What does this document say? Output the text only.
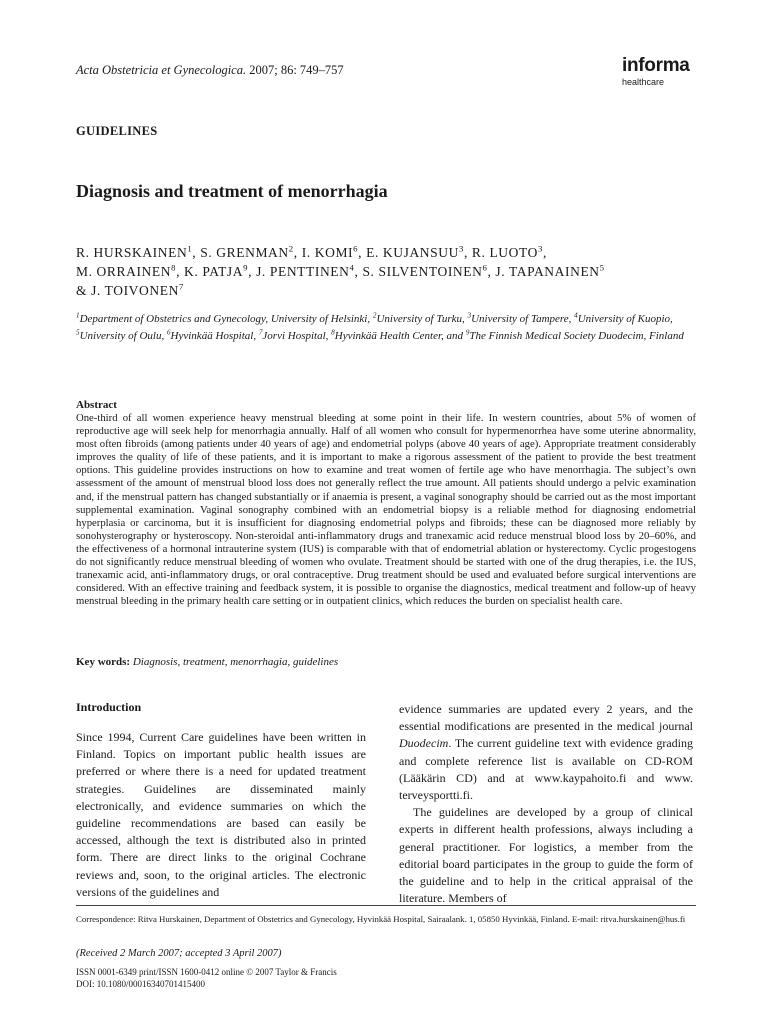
Acta Obstetricia et Gynecologica. 2007; 86: 749–757	informa
healthcare
GUIDELINES
Diagnosis and treatment of menorrhagia
R. HURSKAINEN$^1$, S. GRENMAN$^2$, I. KOMI$^6$, E. KUJANSUU$^3$, R. LUOTO$^3$,
M. ORRAINEN$^8$, K. PATJA$^9$, J. PENTTINEN$^4$, S. SILVENTOINEN$^6$, J. TAPANAINEN$^5$
& J. TOIVONEN$^7$
$^1$Department of Obstetrics and Gynecology, University of Helsinki, $^2$University of Turku, $^3$University of Tampere, $^4$University of Kuopio, $^5$University of Oulu, $^6$Hyvinkää Hospital, $^7$Jorvi Hospital, $^8$Hyvinkää Health Center, and $^9$The Finnish Medical Society Duodecim, Finland
Abstract
One-third of all women experience heavy menstrual bleeding at some point in their life. In western countries, about 5% of women of reproductive age will seek help for menorrhagia annually. Half of all women who consult for hypermenorrhea have some uterine abnormality, most often fibroids (among patients under 40 years of age) and endometrial polyps (above 40 years of age). Appropriate treatment considerably improves the quality of life of these patients, and it is important to make a rigorous assessment of the patient to provide the best treatment options. This guideline provides instructions on how to examine and treat women of fertile age who have menorrhagia. The subject’s own assessment of the amount of menstrual blood loss does not generally reflect the true amount. All patients should undergo a pelvic examination and, if the menstrual pattern has changed substantially or if anaemia is present, a vaginal sonography should be carried out as the most important supplemental examination. Vaginal sonography combined with an endometrial biopsy is a reliable method for diagnosing endometrial hyperplasia or carcinoma, but it is insufficient for diagnosing endometrial polyps and fibroids; these can be diagnosed more reliably by sonohysterography or hysteroscopy. Non-steroidal anti-inflammatory drugs and tranexamic acid reduce menstrual blood loss by 20–60%, and the effectiveness of a hormonal intrauterine system (IUS) is comparable with that of endometrial ablation or hysterectomy. Cyclic progestogens do not significantly reduce menstrual bleeding of women who ovulate. Treatment should be started with one of the drug therapies, i.e. the IUS, tranexamic acid, anti-inflammatory drugs, or oral contraceptive. Drug treatment should be used and evaluated before surgical interventions are considered. With an effective training and feedback system, it is possible to organise the diagnostics, medical treatment and follow-up of heavy menstrual bleeding in the primary health care setting or in outpatient clinics, which reduces the burden on specialist health care.
Key words: Diagnosis, treatment, menorrhagia, guidelines
Introduction
Since 1994, Current Care guidelines have been written in Finland. Topics on important public health issues are preferred or where there is a need for updated treatment strategies. Guidelines are disseminated mainly electronically, and evidence summaries on which the guideline recommendations are based can easily be accessed, although the text is distributed also in printed form. There are direct links to the original Cochrane reviews and, soon, to the original articles. The electronic versions of the guidelines and

evidence summaries are updated every 2 years, and the essential modifications are presented in the medical journal Duodecim. The current guideline text with evidence grading and complete reference list is available on CD-ROM (Lääkärin CD) and at www.kaypahoito.fi and www. terveysportti.fi.

The guidelines are developed by a group of clinical experts in different health professions, always including a general practitioner. For logistics, a member from the editorial board participates in the group to guide the form of the guideline and to help in the critical appraisal of the literature. Members of

Correspondence: Ritva Hurskainen, Department of Obstetrics and Gynecology, Hyvinkää Hospital, Sairaalank. 1, 05850 Hyvinkää, Finland. E-mail: ritva.hurskainen@hus.fi
(Received 2 March 2007; accepted 3 April 2007)
ISSN 0001-6349 print/ISSN 1600-0412 online © 2007 Taylor & Francis
DOI: 10.1080/00016340701415400
